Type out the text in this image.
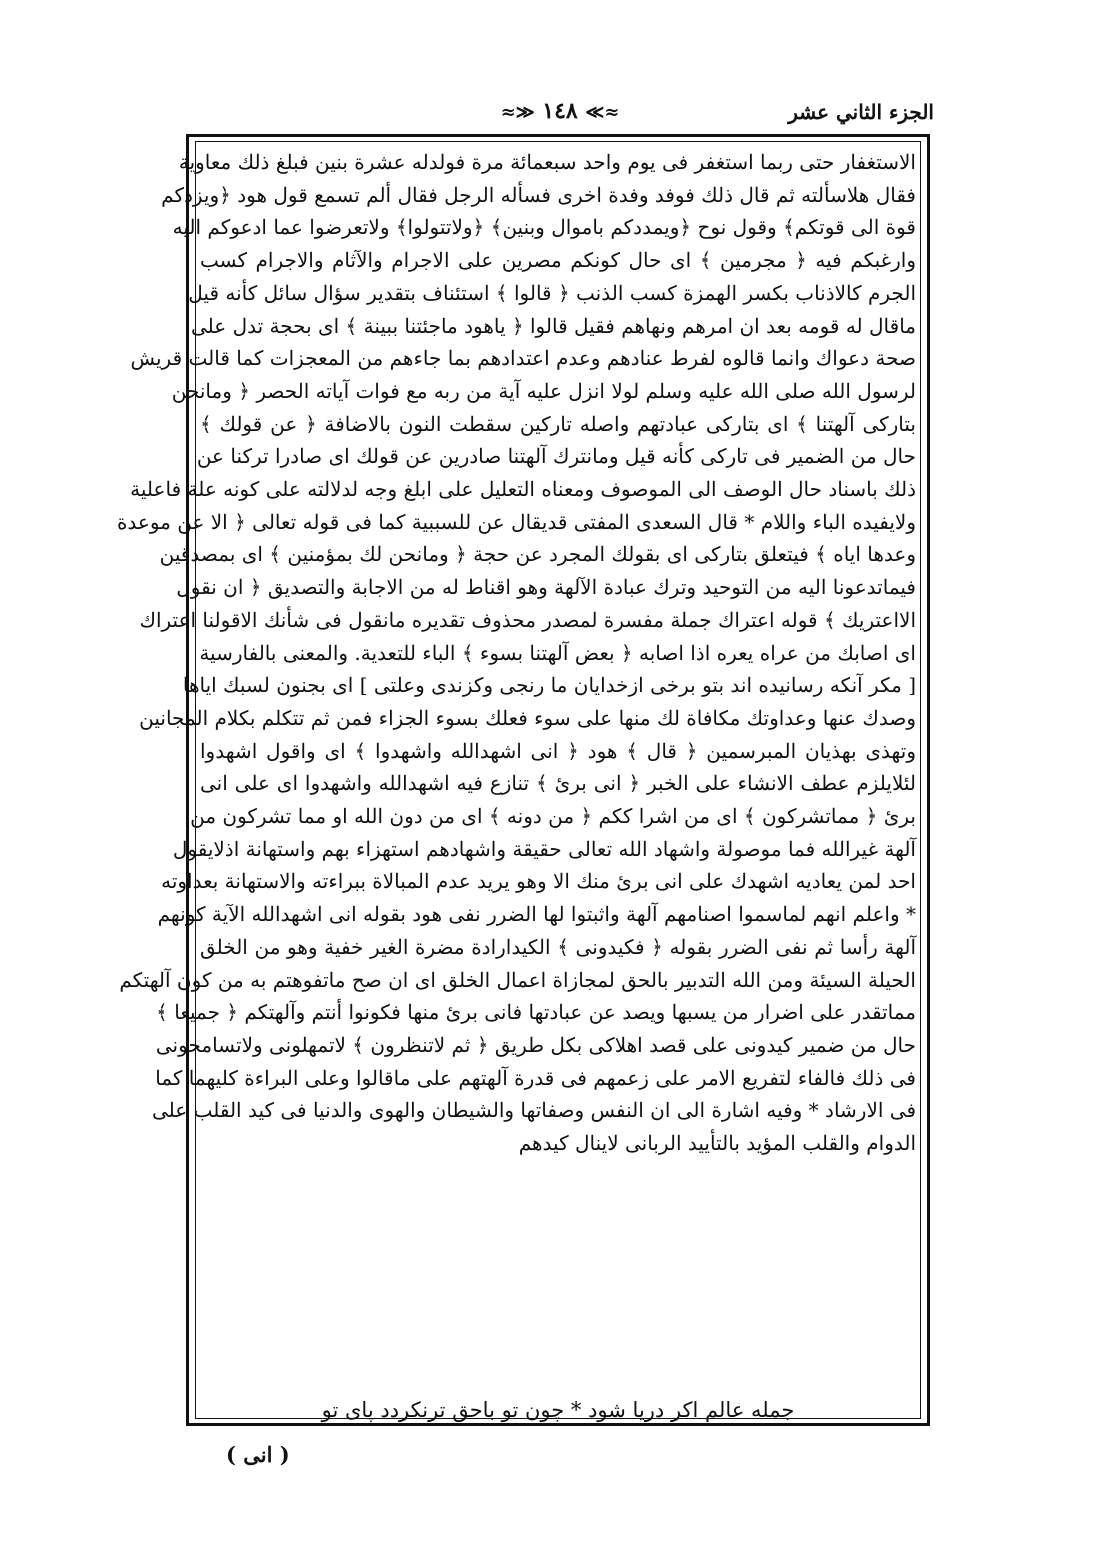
الجزء الثاني عشر
≈≫ ١٤٨ ≪≈
الاستغفار حتى ربما استغفر فى يوم واحد سبعمائة مرة فولدله عشرة بنين فبلغ ذلك معاوية
فقال هلاسألته ثم قال ذلك فوفد وفدة اخرى فسأله الرجل فقال ألم تسمع قول هود ﴿ويزدكم
قوة الى قوتكم﴾ وقول نوح ﴿ويمددكم باموال وبنين﴾ ﴿ولاتتولوا﴾ ولاتعرضوا عما ادعوكم اليه
وارغبكم فيه ﴿ مجرمين ﴾ اى حال كونكم مصرين على الاجرام والآثام والاجرام كسب
الجرم كالاذناب بكسر الهمزة كسب الذنب ﴿ قالوا ﴾ استئناف بتقدير سؤال سائل كأنه قيل
ماقال له قومه بعد ان امرهم ونهاهم فقيل قالوا ﴿ ياهود ماجئتنا ببينة ﴾ اى بحجة تدل على
صحة دعواك وانما قالوه لفرط عنادهم وعدم اعتدادهم بما جاءهم من المعجزات كما قالت قريش
لرسول الله صلى الله عليه وسلم لولا انزل عليه آية من ربه مع فوات آياته الحصر ﴿ ومانحن
بتاركى آلهتنا ﴾ اى بتاركى عبادتهم واصله تاركين سقطت النون بالاضافة ﴿ عن قولك ﴾
حال من الضمير فى تاركى كأنه قيل ومانترك آلهتنا صادرين عن قولك اى صادرا تركنا عن
ذلك باسناد حال الوصف الى الموصوف ومعناه التعليل على ابلغ وجه لدلالته على كونه علة فاعلية
ولايفيده الباء واللام * قال السعدى المفتى قديقال عن للسببية كما فى قوله تعالى ﴿ الا عن موعدة
وعدها اياه ﴾ فيتعلق بتاركى اى بقولك المجرد عن حجة ﴿ ومانحن لك بمؤمنين ﴾ اى بمصدقين
فيماتدعونا اليه من التوحيد وترك عبادة الآلهة وهو اقناط له من الاجابة والتصديق ﴿ ان نقول
الااعتريك ﴾ قوله اعتراك جملة مفسرة لمصدر محذوف تقديره مانقول فى شأنك الاقولنا اعتراك
اى اصابك من عراه يعره اذا اصابه ﴿ بعض آلهتنا بسوء ﴾ الباء للتعدية. والمعنى بالفارسية
[ مكر آنكه رسانيده اند بتو برخى ازخدايان ما رنجى وكزندى وعلتى ] اى بجنون لسبك اياها
وصدك عنها وعداوتك مكافاة لك منها على سوء فعلك بسوء الجزاء فمن ثم تتكلم بكلام المجانين
وتهذى بهذيان المبرسمين ﴿ قال ﴾ هود ﴿ انى اشهدالله واشهدوا ﴾ اى واقول اشهدوا
لئلايلزم عطف الانشاء على الخبر ﴿ انى برئ ﴾ تنازع فيه اشهدالله واشهدوا اى على انى
برئ ﴿ مماتشركون ﴾ اى من اشرا ككم ﴿ من دونه ﴾ اى من دون الله او مما تشركون من
آلهة غيرالله فما موصولة واشهاد الله تعالى حقيقة واشهادهم استهزاء بهم واستهانة اذلايقول
احد لمن يعاديه اشهدك على انى برئ منك الا وهو يريد عدم المبالاة ببراءته والاستهانة بعداوته
* واعلم انهم لماسموا اصنامهم آلهة واثبتوا لها الضرر نفى هود بقوله انى اشهدالله الآية كونهم
آلهة رأسا ثم نفى الضرر بقوله ﴿ فكيدونى ﴾ الكيدارادة مضرة الغير خفية وهو من الخلق
الحيلة السيئة ومن الله التدبير بالحق لمجازاة اعمال الخلق اى ان صح ماتفوهتم به من كون آلهتكم
مماتقدر على اضرار من يسبها ويصد عن عبادتها فانى برئ منها فكونوا أنتم وآلهتكم ﴿ جميعا ﴾
حال من ضمير كيدونى على قصد اهلاكى بكل طريق ﴿ ثم لاتنظرون ﴾ لاتمهلونى ولاتسامحونى
فى ذلك فالفاء لتفريع الامر على زعمهم فى قدرة آلهتهم على ماقالوا وعلى البراءة كليهما كما
فى الارشاد * وفيه اشارة الى ان النفس وصفاتها والشيطان والهوى والدنيا فى كيد القلب على
الدوام والقلب المؤيد بالتأييد الربانى لاينال كيدهم
جمله عالم اكر دريا شود * چون تو باحق ترنكردد پاى تو
( انى )
